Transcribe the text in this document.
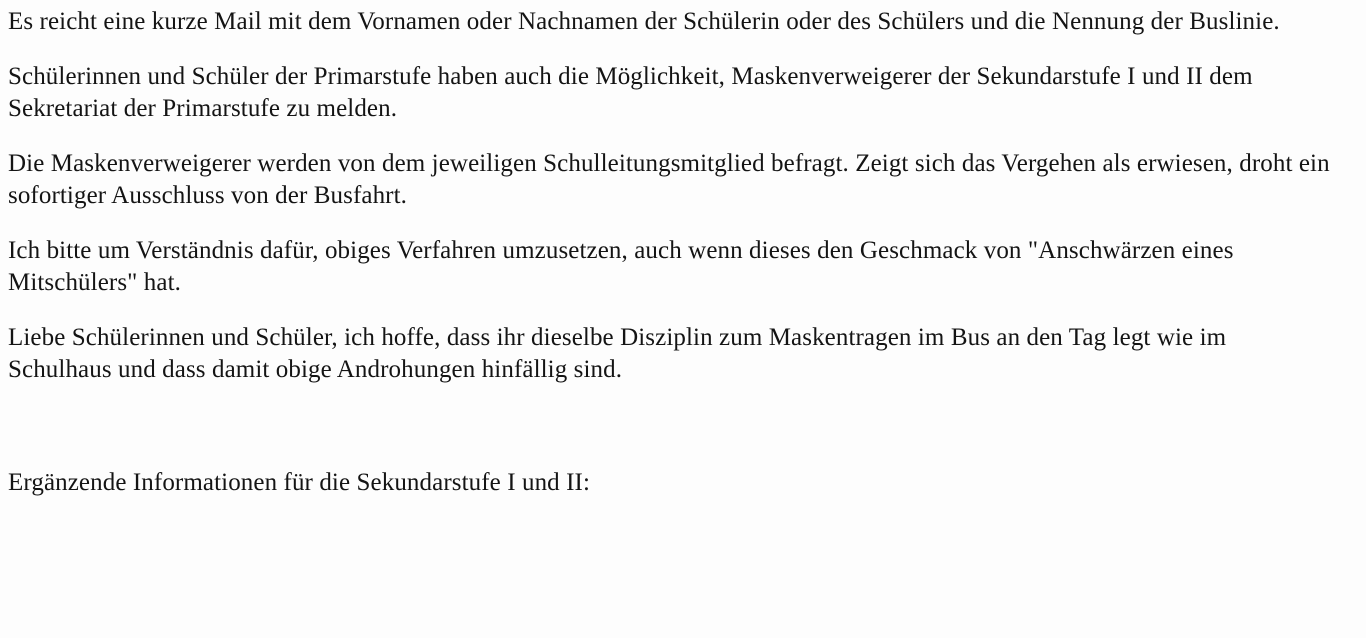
Es reicht eine kurze Mail mit dem Vornamen oder Nachnamen der Schülerin oder des Schülers und die Nennung der Buslinie.

Schülerinnen und Schüler der Primarstufe haben auch die Möglichkeit, Maskenverweigerer der Sekundarstufe I und II dem Sekretariat der Primarstufe zu melden.

Die Maskenverweigerer werden von dem jeweiligen Schulleitungsmitglied befragt. Zeigt sich das Vergehen als erwiesen, droht ein sofortiger Ausschluss von der Busfahrt.

Ich bitte um Verständnis dafür, obiges Verfahren umzusetzen, auch wenn dieses den Geschmack von "Anschwärzen eines Mitschülers" hat.

Liebe Schülerinnen und Schüler, ich hoffe, dass ihr dieselbe Disziplin zum Maskentragen im Bus an den Tag legt wie im Schulhaus und dass damit obige Androhungen hinfällig sind.

Ergänzende Informationen für die Sekundarstufe I und II:
